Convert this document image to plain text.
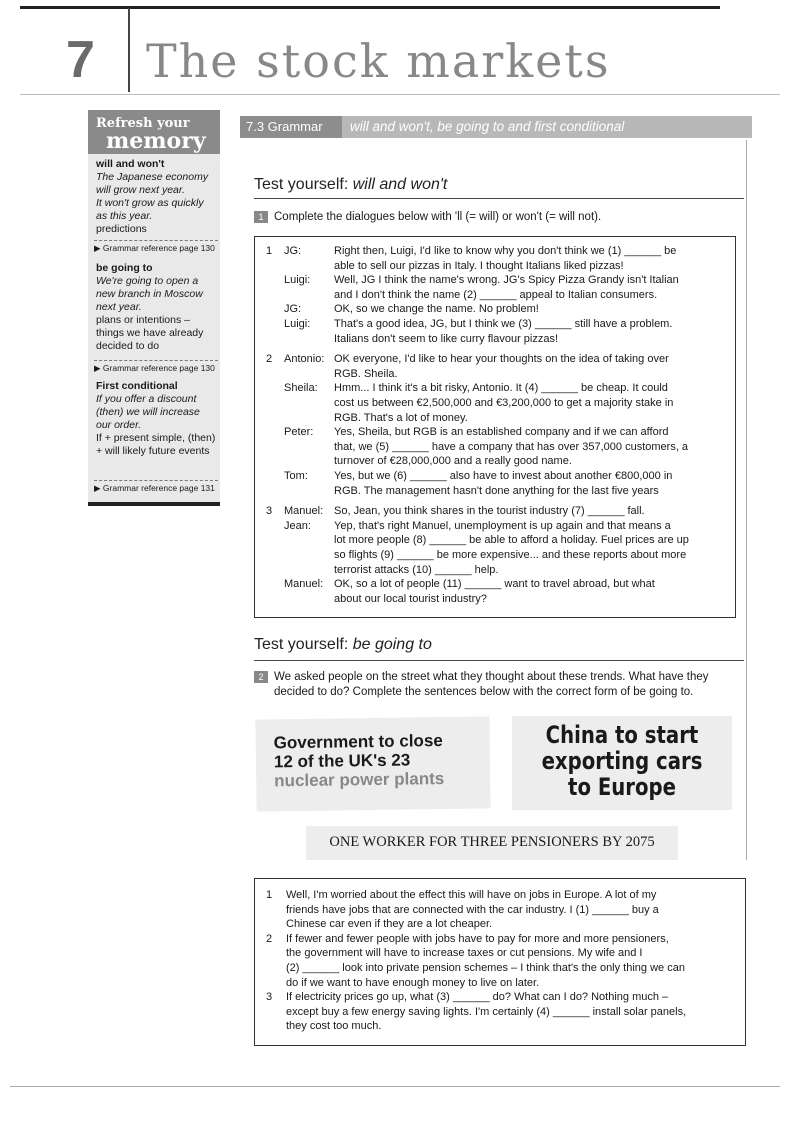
7 The stock markets
will and won't
The Japanese economy
will grow next year.
It won't grow as quickly
as this year.
predictions
▶ Grammar reference page 130
be going to
We're going to open a
new branch in Moscow
next year.
plans or intentions – things we have already decided to do
▶ Grammar reference page 130
First conditional
If you offer a discount
(then) we will increase
our order.
If + present simple, (then) + will likely future events
▶ Grammar reference page 131
Refresh your
memory
7.3 Grammar	will and won't, be going to and first conditional
Test yourself: will and won't
1 Complete the dialogues below with 'll (= will) or won't (= will not).
1	JG:	Right then, Luigi, I'd like to know why you don't think we (1) ______ be
able to sell our pizzas in Italy. I thought Italians liked pizzas!
Luigi:	Well, JG I think the name's wrong. JG's Spicy Pizza Grandy isn't Italian
and I don't think the name (2) ______ appeal to Italian consumers.
JG:	OK, so we change the name. No problem!
Luigi:	That's a good idea, JG, but I think we (3) ______ still have a problem.
Italians don't seem to like curry flavour pizzas!
2	Antonio: OK everyone, I'd like to hear your thoughts on the idea of taking over
RGB. Sheila.
Sheila:	Hmm... I think it's a bit risky, Antonio. It (4) ______ be cheap. It could
cost us between €2,500,000 and €3,200,000 to get a majority stake in
RGB. That's a lot of money.
Peter:	Yes, Sheila, but RGB is an established company and if we can afford
that, we (5) ______ have a company that has over 357,000 customers, a
turnover of €28,000,000 and a really good name.
Tom:	Yes, but we (6) ______ also have to invest about another €800,000 in
RGB. The management hasn't done anything for the last five years
3	Manuel: So, Jean, you think shares in the tourist industry (7) ______ fall.
Jean:	Yep, that's right Manuel, unemployment is up again and that means a
lot more people (8) ______ be able to afford a holiday. Fuel prices are up
so flights (9) ______ be more expensive... and these reports about more
terrorist attacks (10) ______ help.
Manuel: OK, so a lot of people (11) ______ want to travel abroad, but what
about our local tourist industry?
Test yourself: be going to
2 We asked people on the street what they thought about these trends. What have they
decided to do? Complete the sentences below with the correct form of be going to.
Government to close
12 of the UK's 23
nuclear power plants
China to start
exporting cars
to Europe
ONE WORKER FOR THREE PENSIONERS BY 2075
1	Well, I'm worried about the effect this will have on jobs in Europe. A lot of my
friends have jobs that are connected with the car industry. I (1) ______ buy a
Chinese car even if they are a lot cheaper.
2	If fewer and fewer people with jobs have to pay for more and more pensioners,
the government will have to increase taxes or cut pensions. My wife and I
(2) ______ look into private pension schemes – I think that's the only thing we can
do if we want to have enough money to live on later.
3	If electricity prices go up, what (3) ______ do? What can I do? Nothing much –
except buy a few energy saving lights. I'm certainly (4) ______ install solar panels,
they cost too much.
